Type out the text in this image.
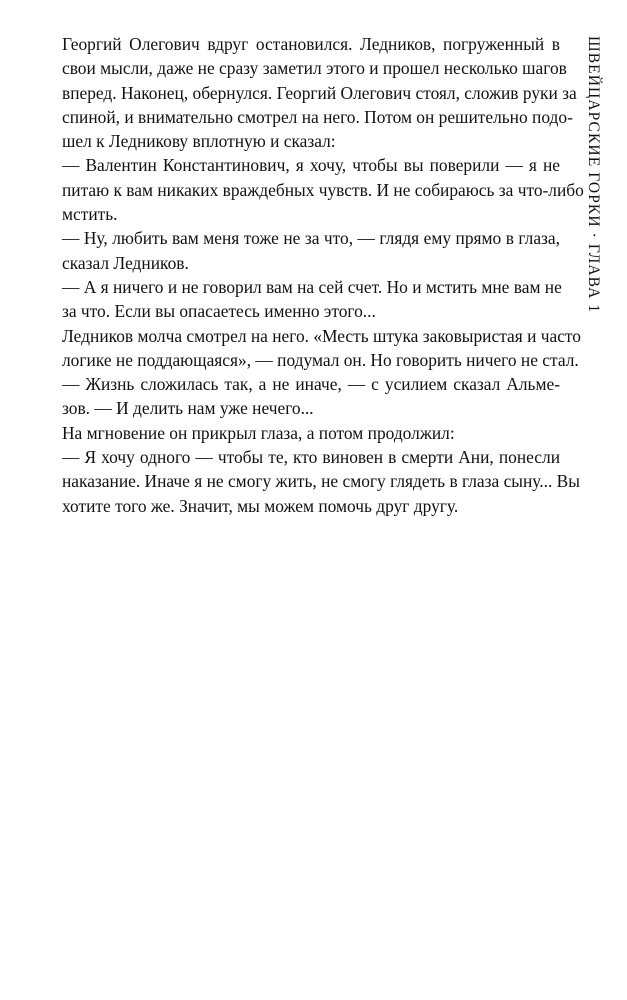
Георгий Олегович вдруг остановился. Ледников, погруженный в
свои мысли, даже не сразу заметил этого и прошел несколько шагов
вперед. Наконец, обернулся. Георгий Олегович стоял, сложив руки за
спиной, и внимательно смотрел на него. Потом он решительно подо-
шел к Ледникову вплотную и сказал:
— Валентин Константинович, я хочу, чтобы вы поверили — я не
питаю к вам никаких враждебных чувств. И не собираюсь за что-либо
мстить.
— Ну, любить вам меня тоже не за что, — глядя ему прямо в глаза,
сказал Ледников.
— А я ничего и не говорил вам на сей счет. Но и мстить мне вам не
за что. Если вы опасаетесь именно этого...
Ледников молча смотрел на него. «Месть штука заковыристая и часто
логике не поддающаяся», — подумал он. Но говорить ничего не стал.
— Жизнь сложилась так, а не иначе, — с усилием сказал Альме-
зов. — И делить нам уже нечего...
На мгновение он прикрыл глаза, а потом продолжил:
— Я хочу одного — чтобы те, кто виновен в смерти Ани, понесли
наказание. Иначе я не смогу жить, не смогу глядеть в глаза сыну... Вы
хотите того же. Значит, мы можем помочь друг другу.
ШВЕЙЦАРСКИЕ ГОРКИ · ГЛАВА 1
